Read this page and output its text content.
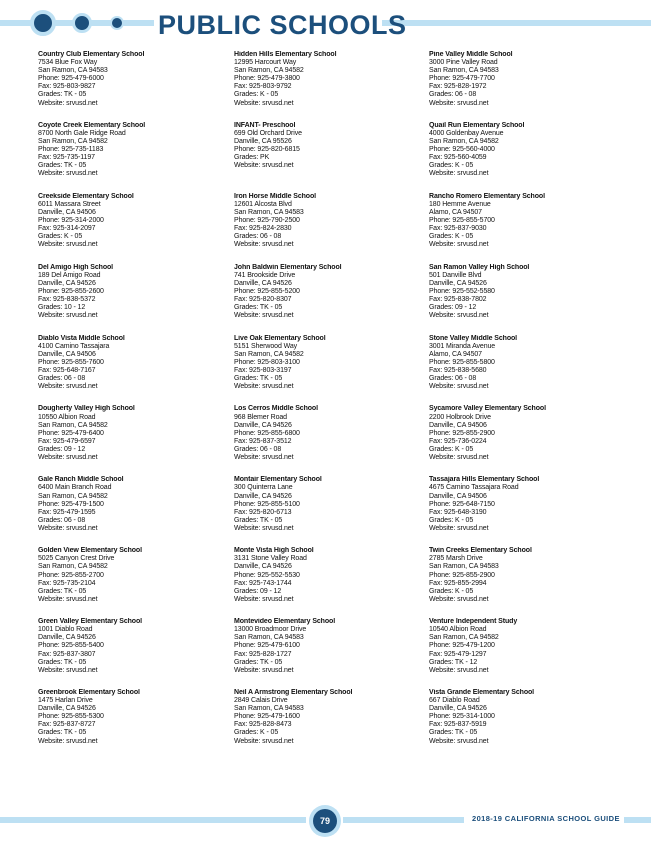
PUBLIC SCHOOLS
Country Club Elementary School
7534 Blue Fox Way
San Ramon, CA 94583
Phone: 925-479-6000
Fax: 925-803-9827
Grades: TK - 05
Website: srvusd.net
Coyote Creek Elementary School
8700 North Gale Ridge Road
San Ramon, CA 94582
Phone: 925-735-1183
Fax: 925-735-1197
Grades: TK - 05
Website: srvusd.net
Creekside Elementary School
6011 Massara Street
Danville, CA 94506
Phone: 925-314-2000
Fax: 925-314-2097
Grades: K - 05
Website: srvusd.net
Del Amigo High School
189 Del Amigo Road
Danville, CA 94526
Phone: 925-855-2600
Fax: 925-838-5372
Grades: 10 - 12
Website: srvusd.net
Diablo Vista Middle School
4100 Camino Tassajara
Danville, CA 94506
Phone: 925-855-7600
Fax: 925-648-7167
Grades: 06 - 08
Website: srvusd.net
Dougherty Valley High School
10550 Albion Road
San Ramon, CA 94582
Phone: 925-479-6400
Fax: 925-479-6597
Grades: 09 - 12
Website: srvusd.net
Gale Ranch Middle School
6400 Main Branch Road
San Ramon, CA 94582
Phone: 925-479-1500
Fax: 925-479-1595
Grades: 06 - 08
Website: srvusd.net
Golden View Elementary School
5025 Canyon Crest Drive
San Ramon, CA 94582
Phone: 925-855-2700
Fax: 925-735-2104
Grades: TK - 05
Website: srvusd.net
Green Valley Elementary School
1001 Diablo Road
Danville, CA 94526
Phone: 925-855-5400
Fax: 925-837-3807
Grades: TK - 05
Website: srvusd.net
Greenbrook Elementary School
1475 Harlan Drive
Danville, CA 94526
Phone: 925-855-5300
Fax: 925-837-8727
Grades: TK - 05
Website: srvusd.net
Hidden Hills Elementary School
12995 Harcourt Way
San Ramon, CA 94582
Phone: 925-479-3800
Fax: 925-803-9792
Grades: K - 05
Website: srvusd.net
INFANT- Preschool
699 Old Orchard Drive
Danville, CA 95526
Phone: 925-820-6815
Grades: PK
Website: srvusd.net
Iron Horse Middle School
12601 Alcosta Blvd
San Ramon, CA 94583
Phone: 925-790-2500
Fax: 925-824-2830
Grades: 06 - 08
Website: srvusd.net
John Baldwin Elementary School
741 Brookside Drive
Danville, CA 94526
Phone: 925-855-5200
Fax: 925-820-8307
Grades: TK - 05
Website: srvusd.net
Live Oak Elementary School
5151 Sherwood Way
San Ramon, CA 94582
Phone: 925-803-3100
Fax: 925-803-3197
Grades: TK - 05
Website: srvusd.net
Los Cerros Middle School
968 Blemer Road
Danville, CA 94526
Phone: 925-855-6800
Fax: 925-837-3512
Grades: 06 - 08
Website: srvusd.net
Montair Elementary School
300 Quinterra Lane
Danville, CA 94526
Phone: 925-855-5100
Fax: 925-820-6713
Grades: TK - 05
Website: srvusd.net
Monte Vista High School
3131 Stone Valley Road
Danville, CA 94526
Phone: 925-552-5530
Fax: 925-743-1744
Grades: 09 - 12
Website: srvusd.net
Montevideo Elementary School
13000 Broadmoor Drive
San Ramon, CA 94583
Phone: 925-479-6100
Fax: 925-828-1727
Grades: TK - 05
Website: srvusd.net
Neil A Armstrong Elementary School
2849 Calais Drive
San Ramon, CA 94583
Phone: 925-479-1600
Fax: 925-828-8473
Grades: K - 05
Website: srvusd.net
Pine Valley Middle School
3000 Pine Valley Road
San Ramon, CA 94583
Phone: 925-479-7700
Fax: 925-828-1972
Grades: 06 - 08
Website: srvusd.net
Quail Run Elementary School
4000 Goldenbay Avenue
San Ramon, CA 94582
Phone: 925-560-4000
Fax: 925-560-4059
Grades: K - 05
Website: srvusd.net
Rancho Romero Elementary School
180 Hemme Avenue
Alamo, CA 94507
Phone: 925-855-5700
Fax: 925-837-9030
Grades: K - 05
Website: srvusd.net
San Ramon Valley High School
501 Danville Blvd
Danville, CA 94526
Phone: 925-552-5580
Fax: 925-838-7802
Grades: 09 - 12
Website: srvusd.net
Stone Valley Middle School
3001 Miranda Avenue
Alamo, CA 94507
Phone: 925-855-5800
Fax: 925-838-5680
Grades: 06 - 08
Website: srvusd.net
Sycamore Valley Elementary School
2200 Holbrook Drive
Danville, CA 94506
Phone: 925-855-2900
Fax: 925-736-0224
Grades: K - 05
Website: srvusd.net
Tassajara Hills Elementary School
4675 Camino Tassajara Road
Danville, CA 94506
Phone: 925-648-7150
Fax: 925-648-3190
Grades: K - 05
Website: srvusd.net
Twin Creeks Elementary School
2785 Marsh Drive
San Ramon, CA 94583
Phone: 925-855-2900
Fax: 925-855-2994
Grades: K - 05
Website: srvusd.net
Venture Independent Study
10540 Albion Road
San Ramon, CA 94582
Phone: 925-479-1200
Fax: 925-479-1297
Grades: TK - 12
Website: srvusd.net
Vista Grande Elementary School
667 Diablo Road
Danville, CA 94526
Phone: 925-314-1000
Fax: 925-837-5919
Grades: TK - 05
Website: srvusd.net
79	2018-19 CALIFORNIA SCHOOL GUIDE
